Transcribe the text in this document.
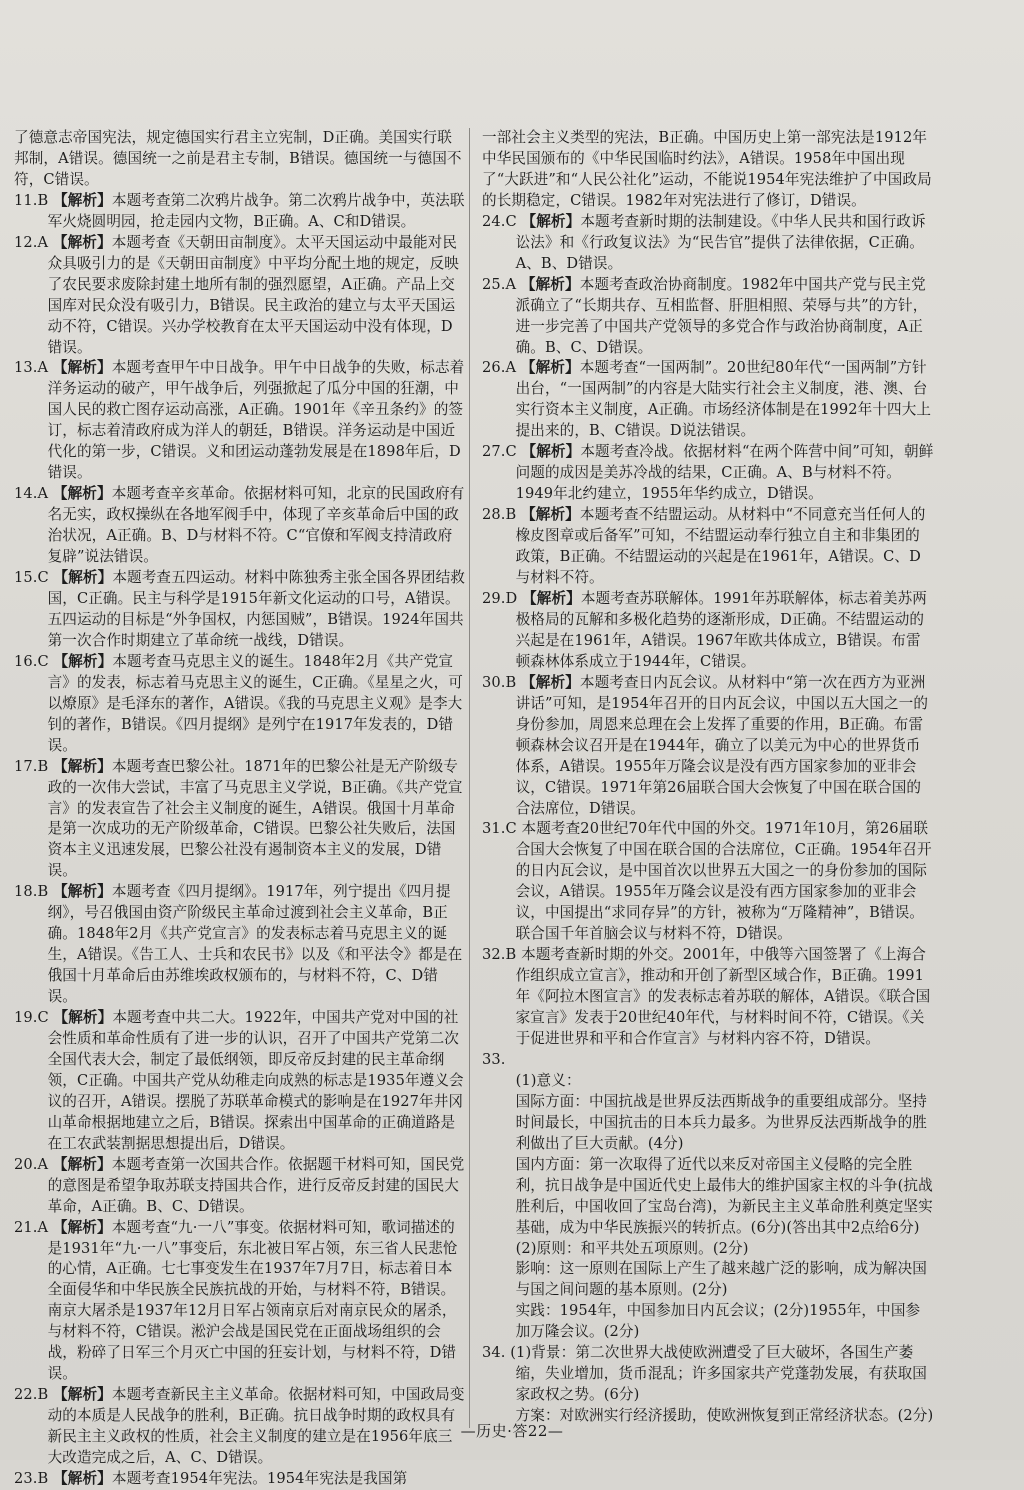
了德意志帝国宪法，规定德国实行君主立宪制，D正确。美国实行联邦制，A错误。德国统一之前是君主专制，B错误。德国统一与德国不符，C错误。

11.B 【解析】本题考查第二次鸦片战争。第二次鸦片战争中，英法联军火烧圆明园，抢走园内文物，B正确。A、C和D错误。

12.A 【解析】本题考查《天朝田亩制度》。太平天国运动中最能对民众具吸引力的是《天朝田亩制度》中平均分配土地的规定，反映了农民要求废除封建土地所有制的强烈愿望，A正确。产品上交国库对民众没有吸引力，B错误。民主政治的建立与太平天国运动不符，C错误。兴办学校教育在太平天国运动中没有体现，D错误。

13.A 【解析】本题考查甲午中日战争。甲午中日战争的失败，标志着洋务运动的破产，甲午战争后，列强掀起了瓜分中国的狂潮，中国人民的救亡图存运动高涨，A正确。1901年《辛丑条约》的签订，标志着清政府成为洋人的朝廷，B错误。洋务运动是中国近代化的第一步，C错误。义和团运动蓬勃发展是在1898年后，D错误。

14.A 【解析】本题考查辛亥革命。依据材料可知，北京的民国政府有名无实，政权操纵在各地军阀手中，体现了辛亥革命后中国的政治状况，A正确。B、D与材料不符。C“官僚和军阀支持清政府复辟”说法错误。

15.C 【解析】本题考查五四运动。材料中陈独秀主张全国各界团结救国，C正确。民主与科学是1915年新文化运动的口号，A错误。五四运动的目标是“外争国权，内惩国贼”，B错误。1924年国共第一次合作时期建立了革命统一战线，D错误。

16.C 【解析】本题考查马克思主义的诞生。1848年2月《共产党宣言》的发表，标志着马克思主义的诞生，C正确。《星星之火，可以燎原》是毛泽东的著作，A错误。《我的马克思主义观》是李大钊的著作，B错误。《四月提纲》是列宁在1917年发表的，D错误。

17.B 【解析】本题考查巴黎公社。1871年的巴黎公社是无产阶级专政的一次伟大尝试，丰富了马克思主义学说，B正确。《共产党宣言》的发表宣告了社会主义制度的诞生，A错误。俄国十月革命是第一次成功的无产阶级革命，C错误。巴黎公社失败后，法国资本主义迅速发展，巴黎公社没有遏制资本主义的发展，D错误。

18.B 【解析】本题考查《四月提纲》。1917年，列宁提出《四月提纲》，号召俄国由资产阶级民主革命过渡到社会主义革命，B正确。1848年2月《共产党宣言》的发表标志着马克思主义的诞生，A错误。《告工人、士兵和农民书》以及《和平法令》都是在俄国十月革命后由苏维埃政权颁布的，与材料不符，C、D错误。

19.C 【解析】本题考查中共二大。1922年，中国共产党对中国的社会性质和革命性质有了进一步的认识，召开了中国共产党第二次全国代表大会，制定了最低纲领，即反帝反封建的民主革命纲领，C正确。中国共产党从幼稚走向成熟的标志是1935年遵义会议的召开，A错误。摆脱了苏联革命模式的影响是在1927年井冈山革命根据地建立之后，B错误。探索出中国革命的正确道路是在工农武装割据思想提出后，D错误。

20.A 【解析】本题考查第一次国共合作。依据题干材料可知，国民党的意图是希望争取苏联支持国共合作，进行反帝反封建的国民大革命，A正确。B、C、D错误。

21.A 【解析】本题考查“九·一八”事变。依据材料可知，歌词描述的是1931年“九·一八”事变后，东北被日军占领，东三省人民悲怆的心情，A正确。七七事变发生在1937年7月7日，标志着日本全面侵华和中华民族全民族抗战的开始，与材料不符，B错误。南京大屠杀是1937年12月日军占领南京后对南京民众的屠杀，与材料不符，C错误。淞沪会战是国民党在正面战场组织的会战，粉碎了日军三个月灭亡中国的狂妄计划，与材料不符，D错误。

22.B 【解析】本题考查新民主主义革命。依据材料可知，中国政局变动的本质是人民战争的胜利，B正确。抗日战争时期的政权具有新民主主义政权的性质，社会主义制度的建立是在1956年底三大改造完成之后，A、C、D错误。

23.B 【解析】本题考查1954年宪法。1954年宪法是我国第

一部社会主义类型的宪法，B正确。中国历史上第一部宪法是1912年中华民国颁布的《中华民国临时约法》，A错误。1958年中国出现了“大跃进”和“人民公社化”运动，不能说1954年宪法维护了中国政局的长期稳定，C错误。1982年对宪法进行了修订，D错误。

24.C 【解析】本题考查新时期的法制建设。《中华人民共和国行政诉讼法》和《行政复议法》为“民告官”提供了法律依据，C正确。A、B、D错误。

25.A 【解析】本题考查政治协商制度。1982年中国共产党与民主党派确立了“长期共存、互相监督、肝胆相照、荣辱与共”的方针，进一步完善了中国共产党领导的多党合作与政治协商制度，A正确。B、C、D错误。

26.A 【解析】本题考查“一国两制”。20世纪80年代“一国两制”方针出台，“一国两制”的内容是大陆实行社会主义制度，港、澳、台实行资本主义制度，A正确。市场经济体制是在1992年十四大上提出来的，B、C错误。D说法错误。

27.C 【解析】本题考查冷战。依据材料“在两个阵营中间”可知，朝鲜问题的成因是美苏冷战的结果，C正确。A、B与材料不符。1949年北约建立，1955年华约成立，D错误。

28.B 【解析】本题考查不结盟运动。从材料中“不同意充当任何人的橡皮图章或后备军”可知，不结盟运动奉行独立自主和非集团的政策，B正确。不结盟运动的兴起是在1961年，A错误。C、D与材料不符。

29.D 【解析】本题考查苏联解体。1991年苏联解体，标志着美苏两极格局的瓦解和多极化趋势的逐渐形成，D正确。不结盟运动的兴起是在1961年，A错误。1967年欧共体成立，B错误。布雷顿森林体系成立于1944年，C错误。

30.B 【解析】本题考查日内瓦会议。从材料中“第一次在西方为亚洲讲话”可知，是1954年召开的日内瓦会议，中国以五大国之一的身份参加，周恩来总理在会上发挥了重要的作用，B正确。布雷顿森林会议召开是在1944年，确立了以美元为中心的世界货币体系，A错误。1955年万隆会议是没有西方国家参加的亚非会议，C错误。1971年第26届联合国大会恢复了中国在联合国的合法席位，D错误。

31.C 本题考查20世纪70年代中国的外交。1971年10月，第26届联合国大会恢复了中国在联合国的合法席位，C正确。1954年召开的日内瓦会议，是中国首次以世界五大国之一的身份参加的国际会议，A错误。1955年万隆会议是没有西方国家参加的亚非会议，中国提出“求同存异”的方针，被称为“万隆精神”，B错误。联合国千年首脑会议与材料不符，D错误。

32.B 本题考查新时期的外交。2001年，中俄等六国签署了《上海合作组织成立宣言》，推动和开创了新型区域合作，B正确。1991年《阿拉木图宣言》的发表标志着苏联的解体，A错误。《联合国家宣言》发表于20世纪40年代，与材料时间不符，C错误。《关于促进世界和平和合作宣言》与材料内容不符，D错误。

33.

(1)意义：

国际方面：中国抗战是世界反法西斯战争的重要组成部分。坚持时间最长，中国抗击的日本兵力最多。为世界反法西斯战争的胜利做出了巨大贡献。(4分)

国内方面：第一次取得了近代以来反对帝国主义侵略的完全胜利，抗日战争是中国近代史上最伟大的维护国家主权的斗争(抗战胜利后，中国收回了宝岛台湾)，为新民主主义革命胜利奠定坚实基础，成为中华民族振兴的转折点。(6分)(答出其中2点给6分)

(2)原则：和平共处五项原则。(2分)

影响：这一原则在国际上产生了越来越广泛的影响，成为解决国与国之间问题的基本原则。(2分)

实践：1954年，中国参加日内瓦会议；(2分)1955年，中国参加万隆会议。(2分)

34. (1)背景：第二次世界大战使欧洲遭受了巨大破坏，各国生产萎缩，失业增加，货币混乱；许多国家共产党蓬勃发展，有获取国家政权之势。(6分)

方案：对欧洲实行经济援助，使欧洲恢复到正常经济状态。(2分)

—历史·答22—
